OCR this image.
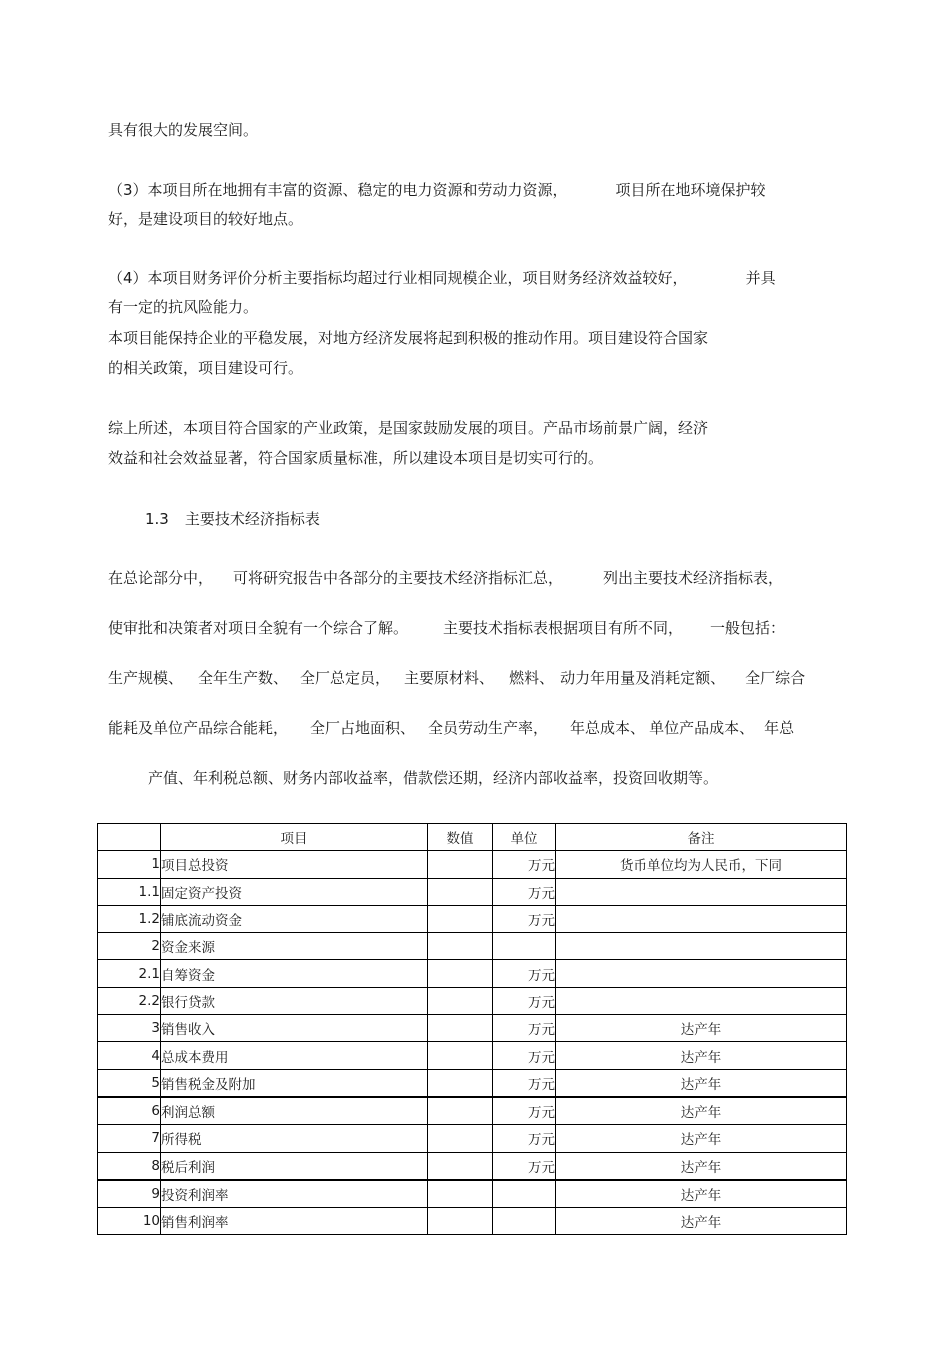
具有很大的发展空间。
（3）本项目所在地拥有丰富的资源、稳定的电力资源和劳动力资源，	项目所在地环境保护较
好，是建设项目的较好地点。
（4）本项目财务评价分析主要指标均超过行业相同规模企业，项目财务经济效益较好，	并具
有一定的抗风险能力。
本项目能保持企业的平稳发展，对地方经济发展将起到积极的推动作用。项目建设符合国家
的相关政策，项目建设可行。
综上所述，本项目符合国家的产业政策，是国家鼓励发展的项目。产品市场前景广阔，经济
效益和社会效益显著，符合国家质量标准，所以建设本项目是切实可行的。
1.3 主要技术经济指标表
在总论部分中， 可将研究报告中各部分的主要技术经济指标汇总，	列出主要技术经济指标表，
使审批和决策者对项日全貌有一个综合了解。 主要技术指标表根据项目有所不同， 一般包括：
生产规模、 全年生产数、 全厂总定员， 主要原材料、 燃料、 动力年用量及消耗定额、 全厂综合
能耗及单位产品综合能耗， 全厂占地面积、 全员劳动生产率， 年总成本、 单位产品成本、 年总
产值、年利税总额、财务内部收益率，借款偿还期，经济内部收益率，投资回收期等。
	项目	数值	单位	备注
1	项目总投资		万元	货币单位均为人民币，下同
1.1	固定资产投资		万元	
1.2	铺底流动资金		万元	
2	资金来源			
2.1	自筹资金		万元	
2.2	银行贷款		万元	
3	销售收入		万元	达产年
4	总成本费用		万元	达产年
5	销售税金及附加		万元	达产年
6	利润总额		万元	达产年
7	所得税		万元	达产年
8	税后利润		万元	达产年
9	投资利润率			达产年
10	销售利润率			达产年
